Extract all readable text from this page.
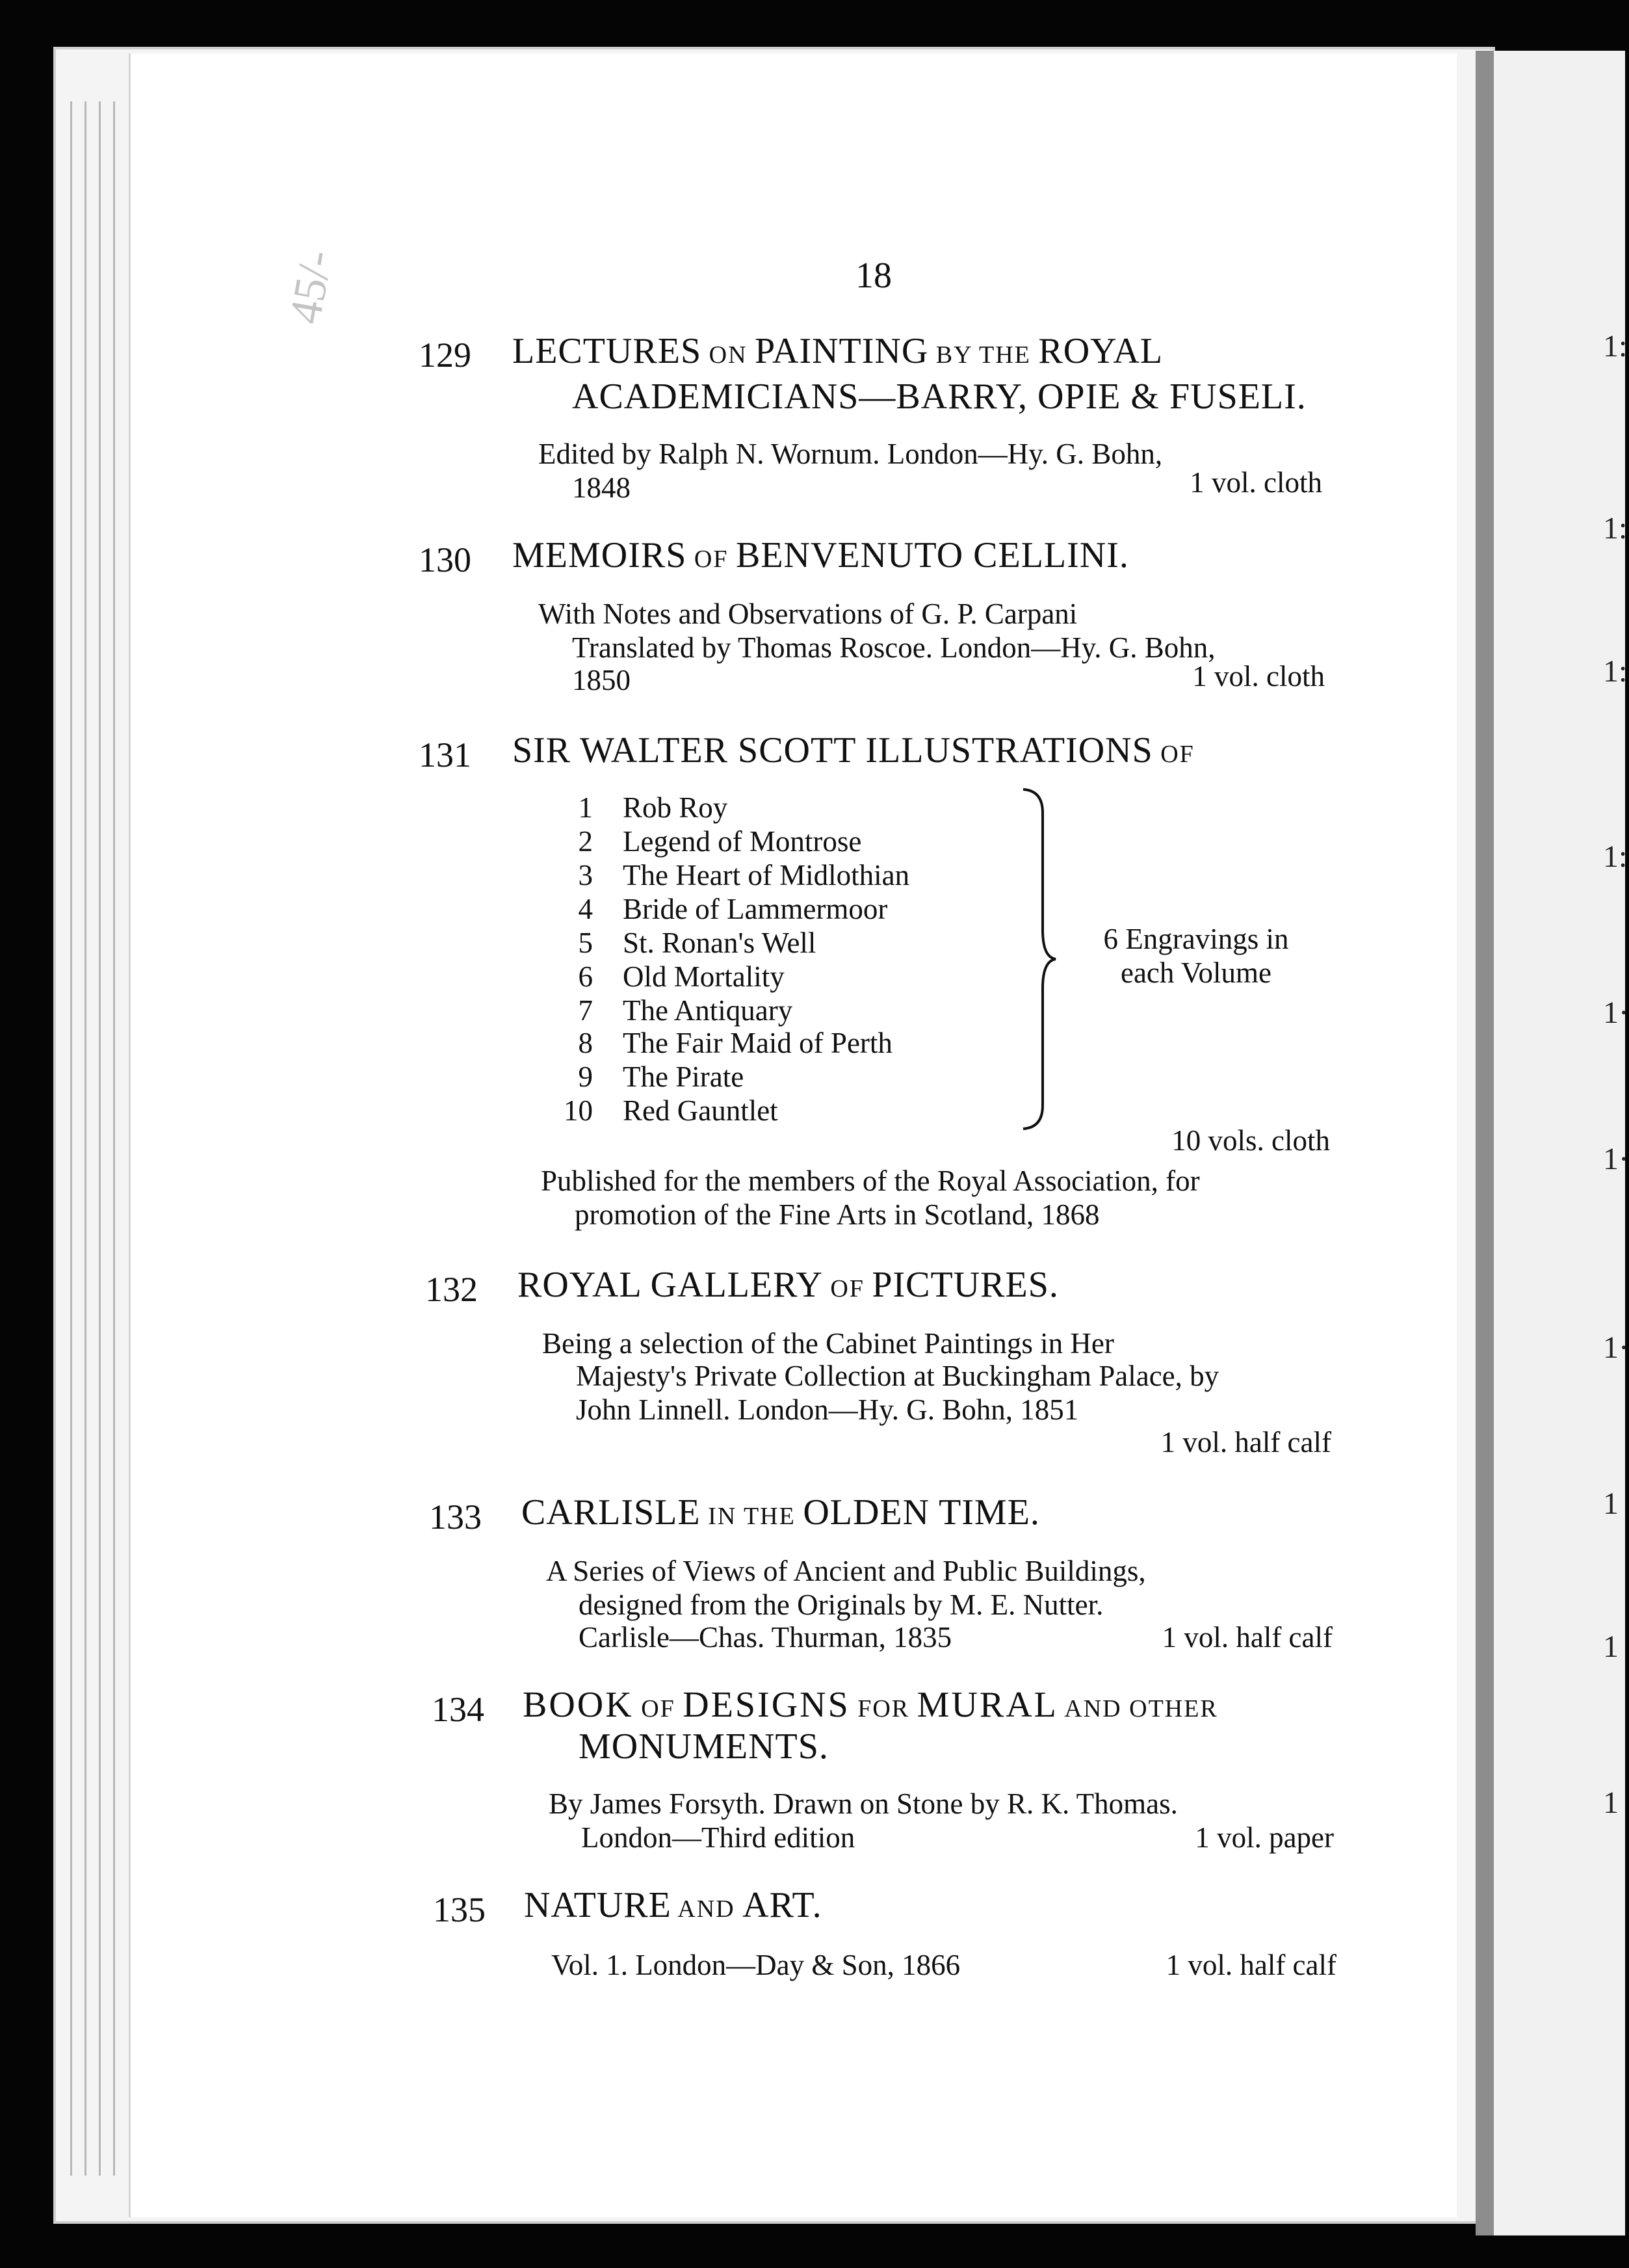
1:
1:
1:
1:
1·
1·
1·
1
1
1
45/-	18
129 LECTURES ON PAINTING BY THE ROYAL
ACADEMICIANS—BARRY, OPIE & FUSELI.
Edited by Ralph N. Wornum. London—Hy. G. Bohn,
1848	1 vol. cloth
130 MEMOIRS OF BENVENUTO CELLINI.
With Notes and Observations of G. P. Carpani
Translated by Thomas Roscoe. London—Hy. G. Bohn,
1850	1 vol. cloth
131 SIR WALTER SCOTT ILLUSTRATIONS OF
1 Rob Roy
2 Legend of Montrose
3 The Heart of Midlothian
4 Bride of Lammermoor
5 St. Ronan's Well
6 Old Mortality
7 The Antiquary
8 The Fair Maid of Perth
9 The Pirate
10 Red Gauntlet
6 Engravings in
each Volume
10 vols. cloth
Published for the members of the Royal Association, for
promotion of the Fine Arts in Scotland, 1868
132 ROYAL GALLERY OF PICTURES.
Being a selection of the Cabinet Paintings in Her
Majesty's Private Collection at Buckingham Palace, by
John Linnell. London—Hy. G. Bohn, 1851
1 vol. half calf
133 CARLISLE IN THE OLDEN TIME.
A Series of Views of Ancient and Public Buildings,
designed from the Originals by M. E. Nutter.
Carlisle—Chas. Thurman, 1835	1 vol. half calf
134 BOOK OF DESIGNS FOR MURAL AND OTHER
MONUMENTS.
By James Forsyth. Drawn on Stone by R. K. Thomas.
London—Third edition	1 vol. paper
135 NATURE AND ART.
Vol. 1. London—Day & Son, 1866	1 vol. half calf
